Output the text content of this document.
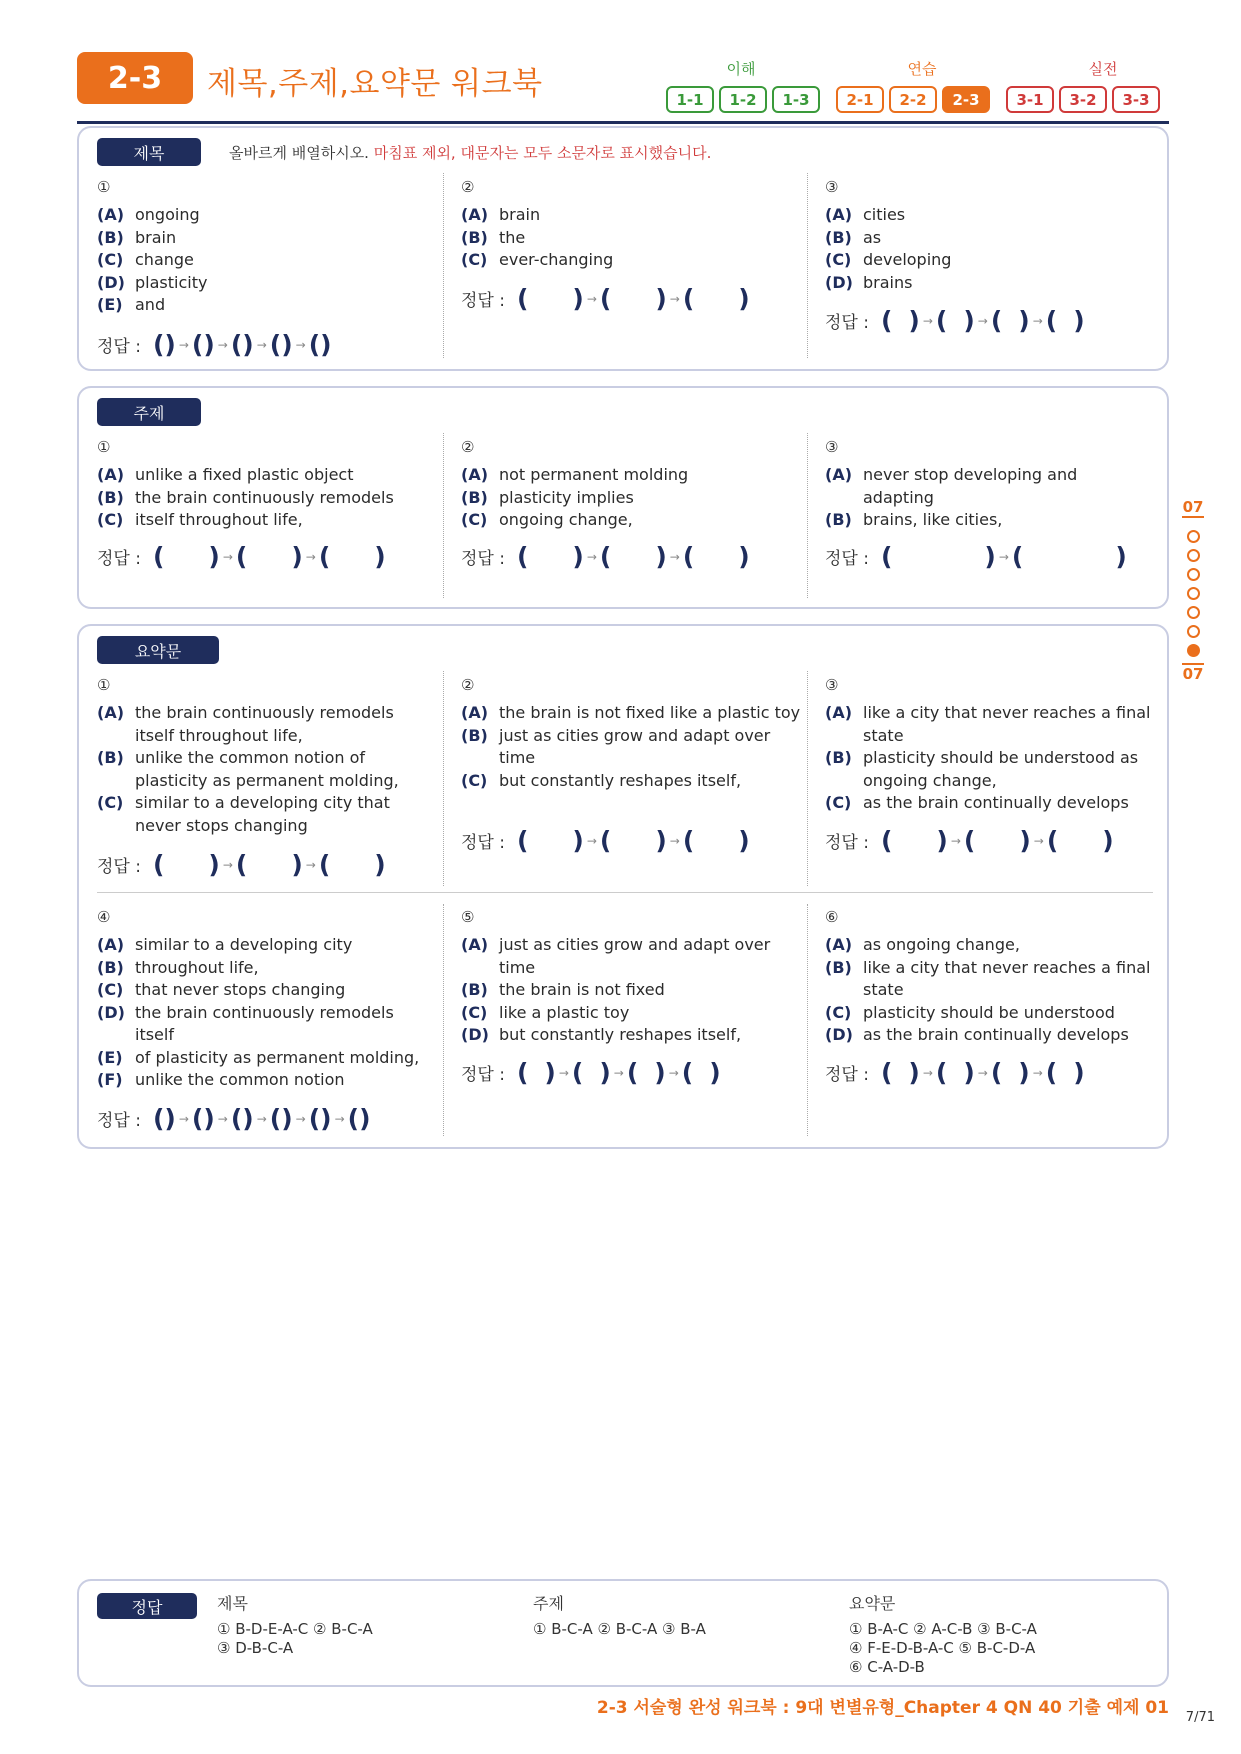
2-3	제목,주제,요약문 워크북	이해	연습	실전
1-1	1-2	1-3	2-1	2-2	2-3	3-1	3-2	3-3
제목	올바르게 배열하시오. 마침표 제외, 대문자는 모두 소문자로 표시했습니다.
①
(A) ongoing
(B) brain
(C) change
(D) plasticity
(E) and
정답 : ( ) → ( ) → ( ) → ( ) → ( )
②
(A) brain
(B) the
(C) ever-changing
정답 : ( ) → ( ) → ( )
③
(A) cities
(B) as
(C) developing
(D) brains
정답 : ( ) → ( ) → ( ) → ( )
주제
①
(A) unlike a fixed plastic object
(B) the brain continuously remodels
(C) itself throughout life,
정답 : ( ) → ( ) → ( )
②
(A) not permanent molding
(B) plasticity implies
(C) ongoing change,
정답 : ( ) → ( ) → ( )
③
(A) never stop developing and adapting
(B) brains, like cities,
정답 : (	) → (	)
요약문
①
(A) the brain continuously remodels itself throughout life,
(B) unlike the common notion of plasticity as permanent molding,
(C) similar to a developing city that never stops changing
정답 : ( ) → ( ) → ( )
②
(A) the brain is not fixed like a plastic toy
(B) just as cities grow and adapt over time
(C) but constantly reshapes itself,
정답 : ( ) → ( ) → ( )
③
(A) like a city that never reaches a final state
(B) plasticity should be understood as ongoing change,
(C) as the brain continually develops
정답 : ( ) → ( ) → ( )
④
(A) similar to a developing city
(B) throughout life,
(C) that never stops changing
(D) the brain continuously remodels itself
(E) of plasticity as permanent molding,
(F) unlike the common notion
정답 : ( ) → ( ) → ( ) → ( ) → ( ) → ( )
⑤
(A) just as cities grow and adapt over time
(B) the brain is not fixed
(C) like a plastic toy
(D) but constantly reshapes itself,
정답 : ( ) → ( ) → ( ) → ( )
⑥
(A) as ongoing change,
(B) like a city that never reaches a final state
(C) plasticity should be understood
(D) as the brain continually develops
정답 : ( ) → ( ) → ( ) → ( )
07
07
정답	제목
① B-D-E-A-C ② B-C-A
③ D-B-C-A
주제
① B-C-A ② B-C-A ③ B-A
요약문
① B-A-C ② A-C-B ③ B-C-A
④ F-E-D-B-A-C ⑤ B-C-D-A
⑥ C-A-D-B
2-3 서술형 완성 워크북 : 9대 변별유형_Chapter 4 QN 40 기출 예제 01 7/71
